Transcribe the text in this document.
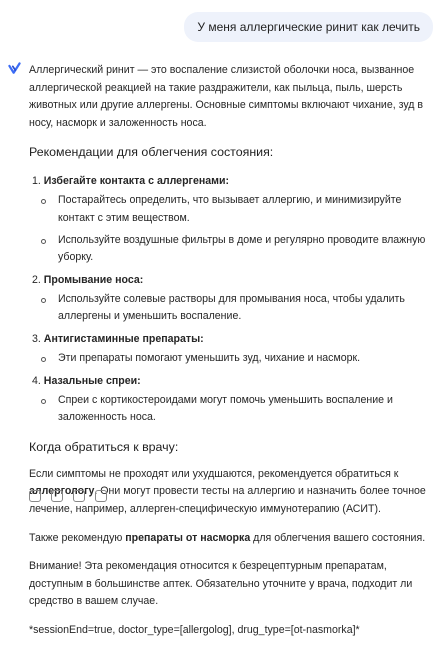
У меня аллергические ринит как лечить

Аллергический ринит — это воспаление слизистой оболочки носа, вызванное аллергической реакцией на такие раздражители, как пыльца, пыль, шерсть животных или другие аллергены. Основные симптомы включают чихание, зуд в носу, насморк и заложенность носа.

Рекомендации для облегчения состояния:
1. Избегайте контакта с аллергенами:
Постарайтесь определить, что вызывает аллергию, и минимизируйте контакт с этим веществом.
Используйте воздушные фильтры в доме и регулярно проводите влажную уборку.
2. Промывание носа:
Используйте солевые растворы для промывания носа, чтобы удалить аллергены и уменьшить воспаление.
3. Антигистаминные препараты:
Эти препараты помогают уменьшить зуд, чихание и насморк.
4. Назальные спреи:
Спреи с кортикостероидами могут помочь уменьшить воспаление и заложенность носа.
Когда обратиться к врачу:

Если симптомы не проходят или ухудшаются, рекомендуется обратиться к аллергологу. Они могут провести тесты на аллергию и назначить более точное лечение, например, аллерген-специфическую иммунотерапию (АСИТ).

Также рекомендую препараты от насморка для облегчения вашего состояния.

Внимание! Эта рекомендация относится к безрецептурным препаратам, доступным в большинстве аптек. Обязательно уточните у врача, подходит ли средство в вашем случае.

*sessionEnd=true, doctor_type=[allergolog], drug_type=[ot-nasmorka]*
